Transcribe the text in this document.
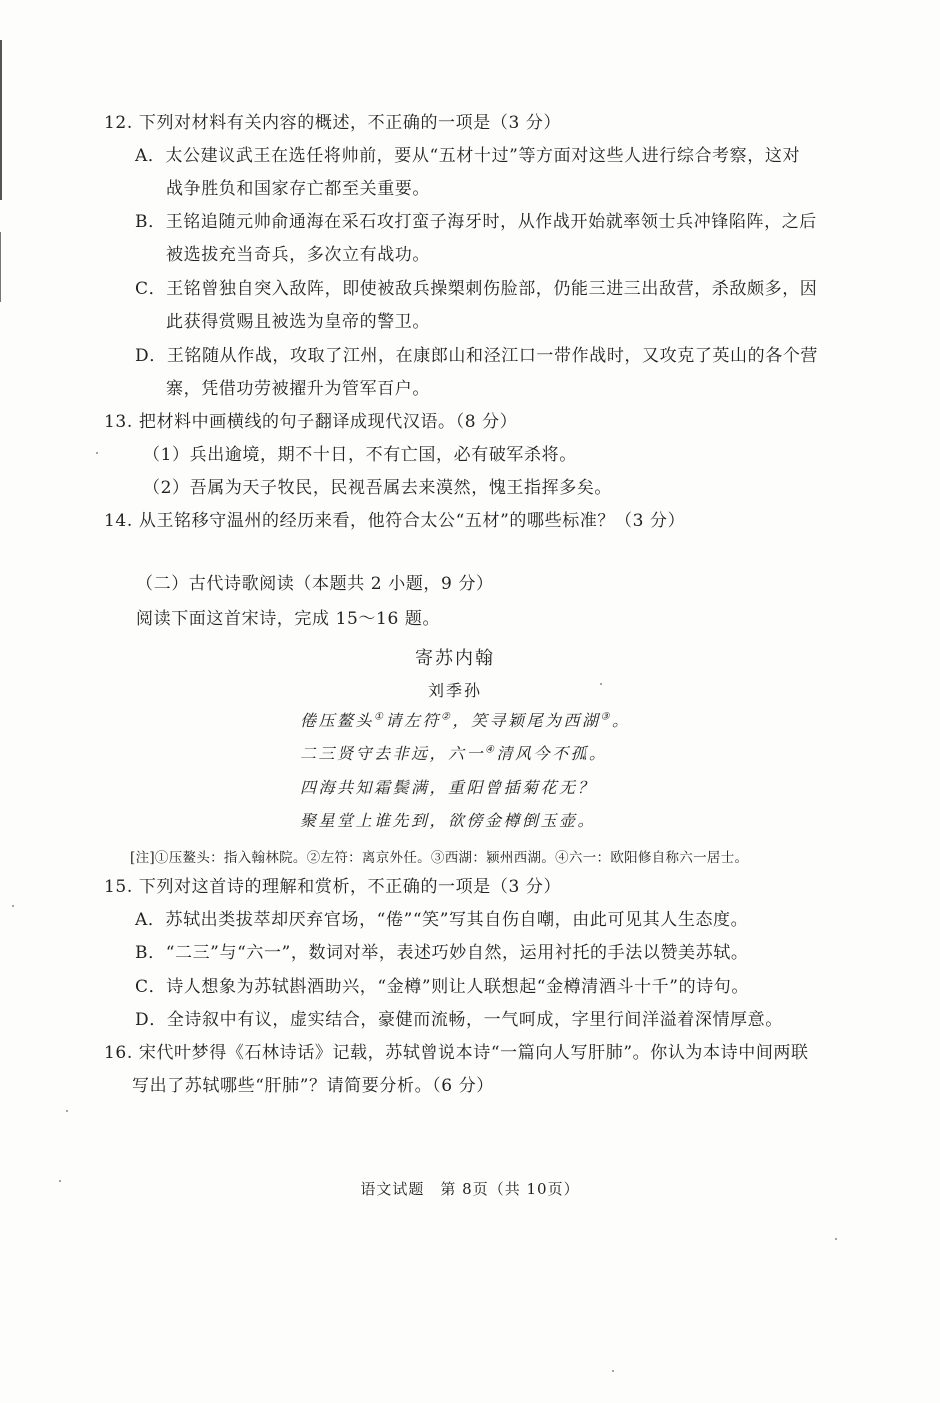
12. 下列对材料有关内容的概述，不正确的一项是（3 分）
A．太公建议武王在选任将帅前，要从“五材十过”等方面对这些人进行综合考察，这对
战争胜负和国家存亡都至关重要。
B．王铭追随元帅俞通海在采石攻打蛮子海牙时，从作战开始就率领士兵冲锋陷阵，之后
被选拔充当奇兵，多次立有战功。
C．王铭曾独自突入敌阵，即使被敌兵操槊刺伤脸部，仍能三进三出敌营，杀敌颇多，因
此获得赏赐且被选为皇帝的警卫。
D．王铭随从作战，攻取了江州，在康郎山和泾江口一带作战时，又攻克了英山的各个营
寨，凭借功劳被擢升为管军百户。
13. 把材料中画横线的句子翻译成现代汉语。（8 分）
（1）兵出逾境，期不十日，不有亡国，必有破军杀将。
（2）吾属为天子牧民，民视吾属去来漠然，愧王指挥多矣。
14. 从王铭移守温州的经历来看，他符合太公“五材”的哪些标准？（3 分）
（二）古代诗歌阅读（本题共 2 小题，9 分）
阅读下面这首宋诗，完成 15～16 题。
寄苏内翰
刘季孙
倦压鳌头①请左符②，笑寻颖尾为西湖③。
二三贤守去非远，六一④清风今不孤。
四海共知霜鬓满，重阳曾插菊花无？
聚星堂上谁先到，欲傍金樽倒玉壶。
[注]①压鳌头：指入翰林院。②左符：离京外任。③西湖：颍州西湖。④六一：欧阳修自称六一居士。
15. 下列对这首诗的理解和赏析，不正确的一项是（3 分）
A．苏轼出类拔萃却厌弃官场，“倦”“笑”写其自伤自嘲，由此可见其人生态度。
B．“二三”与“六一”，数词对举，表述巧妙自然，运用衬托的手法以赞美苏轼。
C．诗人想象为苏轼斟酒助兴，“金樽”则让人联想起“金樽清酒斗十千”的诗句。
D．全诗叙中有议，虚实结合，豪健而流畅，一气呵成，字里行间洋溢着深情厚意。
16. 宋代叶梦得《石林诗话》记载，苏轼曾说本诗“一篇向人写肝肺”。你认为本诗中间两联
写出了苏轼哪些“肝肺”？请简要分析。（6 分）
语文试题　第 8页（共 10页）
